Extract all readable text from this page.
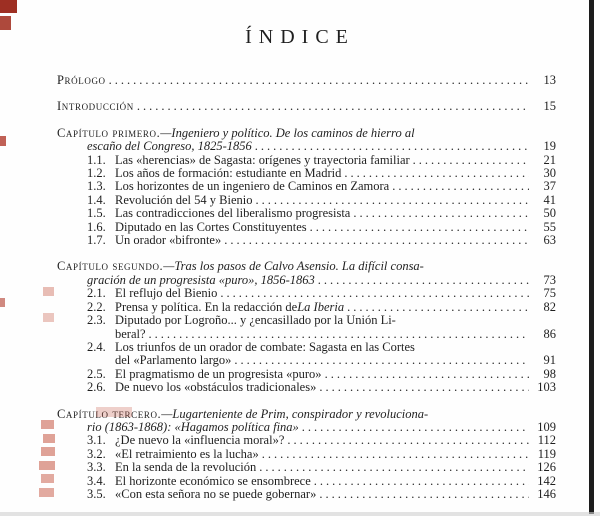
ÍNDICE
Prólogo .....	13
Introducción .....	15
Capítulo primero. —Ingeniero y político. De los caminos de hierro al
escaño del Congreso, 1825-1856 .....	19
1.1. Las «herencias» de Sagasta: orígenes y trayectoria familiar .....	21
1.2. Los años de formación: estudiante en Madrid .....	30
1.3. Los horizontes de un ingeniero de Caminos en Zamora .....	37
1.4. Revolución del 54 y Bienio .....	41
1.5. Las contradicciones del liberalismo progresista .....	50
1.6. Diputado en las Cortes Constituyentes .....	55
1.7. Un orador «bifronte» .....	63
Capítulo segundo. —Tras los pasos de Calvo Asensio. La difícil consa-
gración de un progresista «puro», 1856-1863 .....	73
2.1. El reflujo del Bienio .....	75
2.2. Prensa y política. En la redacción de La Iberia .....	82
2.3. Diputado por Logroño... y ¿encasillado por la Unión Li-
beral? .....	86
2.4. Los triunfos de un orador de combate: Sagasta en las Cortes
del «Parlamento largo» .....	91
2.5. El pragmatismo de un progresista «puro» .....	98
2.6. De nuevo los «obstáculos tradicionales» .....	103
Capítulo tercero. —Lugarteniente de Prim, conspirador y revoluciona-
rio (1863-1868): «Hagamos política fina» .....	109
3.1. ¿De nuevo la «influencia moral»? .....	112
3.2. «El retraimiento es la lucha» .....	119
3.3. En la senda de la revolución .....	126
3.4. El horizonte económico se ensombrece .....	142
3.5. «Con esta señora no se puede gobernar» .....	146
